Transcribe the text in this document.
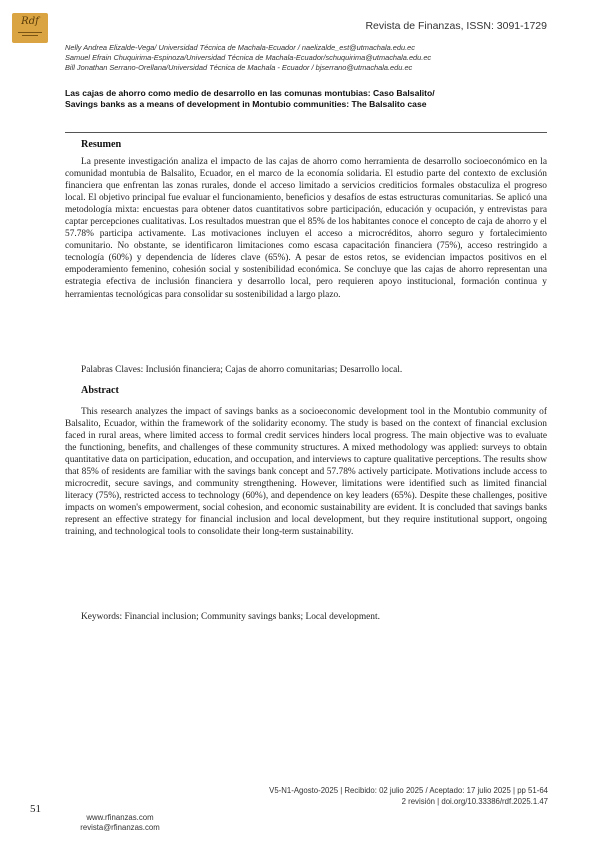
Rdf	Revista de Finanzas, ISSN: 3091-1729
Nelly Andrea Elizalde-Vega/ Universidad Técnica de Machala-Ecuador / naelizalde_est@utmachala.edu.ec
Samuel Efrain Chuquirima-Espinoza/Universidad Técnica de Machala-Ecuador/schuquirima@utmachala.edu.ec
Bill Jonathan Serrano-Orellana/Universidad Técnica de Machala - Ecuador / bjserrano@utmachala.edu.ec
Las cajas de ahorro como medio de desarrollo en las comunas montubias: Caso Balsalito/
Savings banks as a means of development in Montubio communities: The Balsalito case
Resumen
La presente investigación analiza el impacto de las cajas de ahorro como herramienta de desarrollo socioeconómico en la comunidad montubia de Balsalito, Ecuador, en el marco de la economía solidaria. El estudio parte del contexto de exclusión financiera que enfrentan las zonas rurales, donde el acceso limitado a servicios crediticios formales obstaculiza el progreso local. El objetivo principal fue evaluar el funcionamiento, beneficios y desafíos de estas estructuras comunitarias. Se aplicó una metodología mixta: encuestas para obtener datos cuantitativos sobre participación, educación y ocupación, y entrevistas para captar percepciones cualitativas. Los resultados muestran que el 85% de los habitantes conoce el concepto de caja de ahorro y el 57.78% participa activamente. Las motivaciones incluyen el acceso a microcréditos, ahorro seguro y fortalecimiento comunitario. No obstante, se identificaron limitaciones como escasa capacitación financiera (75%), acceso restringido a tecnología (60%) y dependencia de líderes clave (65%). A pesar de estos retos, se evidencian impactos positivos en el empoderamiento femenino, cohesión social y sostenibilidad económica. Se concluye que las cajas de ahorro representan una estrategia efectiva de inclusión financiera y desarrollo local, pero requieren apoyo institucional, formación continua y herramientas tecnológicas para consolidar su sostenibilidad a largo plazo.
Palabras Claves: Inclusión financiera; Cajas de ahorro comunitarias; Desarrollo local.
Abstract
This research analyzes the impact of savings banks as a socioeconomic development tool in the Montubio community of Balsalito, Ecuador, within the framework of the solidarity economy. The study is based on the context of financial exclusion faced in rural areas, where limited access to formal credit services hinders local progress. The main objective was to evaluate the functioning, benefits, and challenges of these community structures. A mixed methodology was applied: surveys to obtain quantitative data on participation, education, and occupation, and interviews to capture qualitative perceptions. The results show that 85% of residents are familiar with the savings bank concept and 57.78% actively participate. Motivations include access to microcredit, secure savings, and community strengthening. However, limitations were identified such as limited financial literacy (75%), restricted access to technology (60%), and dependence on key leaders (65%). Despite these challenges, positive impacts on women's empowerment, social cohesion, and economic sustainability are evident. It is concluded that savings banks represent an effective strategy for financial inclusion and local development, but they require institutional support, ongoing training, and technological tools to consolidate their long-term sustainability.
Keywords: Financial inclusion; Community savings banks; Local development.
V5-N1-Agosto-2025 | Recibido: 02 julio 2025 / Aceptado: 17 julio 2025 | pp 51-64
2 revisión | doi.org/10.33386/rdf.2025.1.47
51
www.rfinanzas.com
revista@rfinanzas.com
